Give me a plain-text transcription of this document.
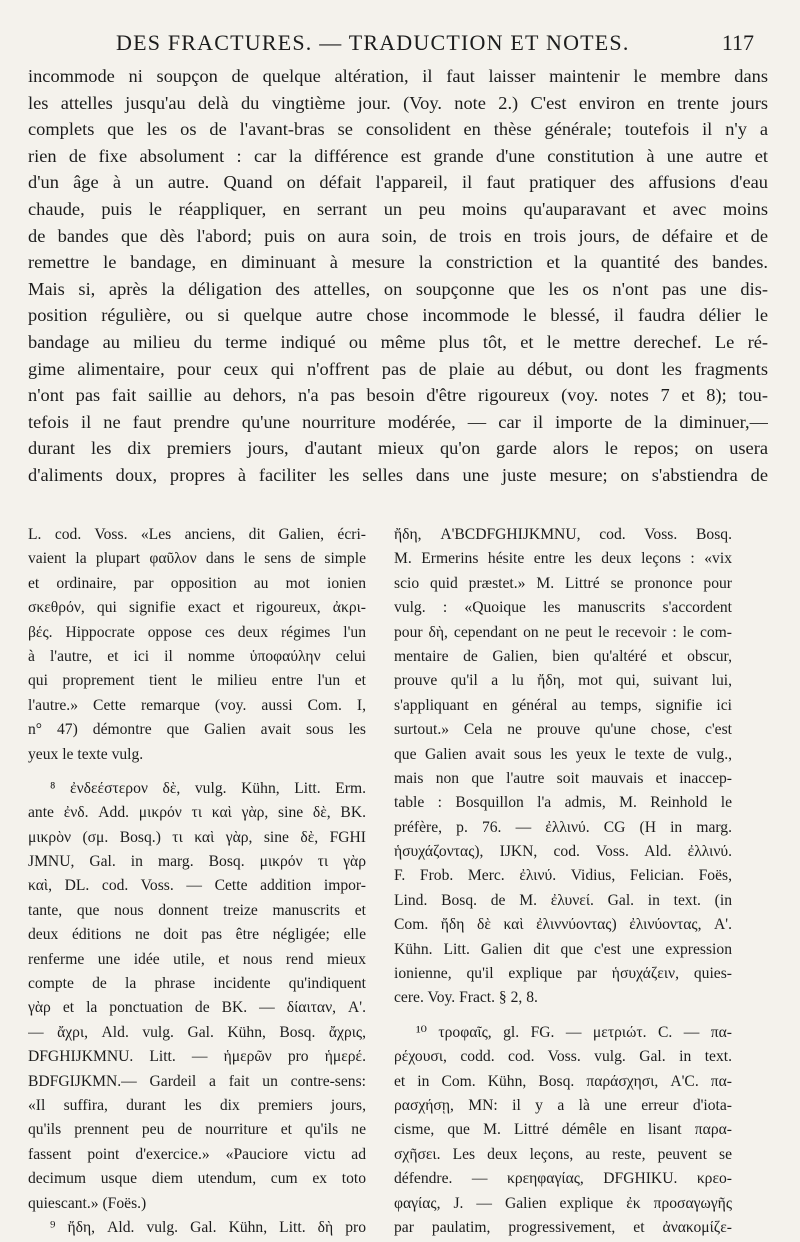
DES FRACTURES. — TRADUCTION ET NOTES.	117
incommode ni soupçon de quelque altération, il faut laisser maintenir le membre dans
les attelles jusqu'au delà du vingtième jour. (Voy. note 2.) C'est environ en trente jours
complets que les os de l'avant-bras se consolident en thèse générale; toutefois il n'y a
rien de fixe absolument : car la différence est grande d'une constitution à une autre et
d'un âge à un autre. Quand on défait l'appareil, il faut pratiquer des affusions d'eau
chaude, puis le réappliquer, en serrant un peu moins qu'auparavant et avec moins
de bandes que dès l'abord; puis on aura soin, de trois en trois jours, de défaire et de
remettre le bandage, en diminuant à mesure la constriction et la quantité des bandes.
Mais si, après la déligation des attelles, on soupçonne que les os n'ont pas une dis-
position régulière, ou si quelque autre chose incommode le blessé, il faudra délier le
bandage au milieu du terme indiqué ou même plus tôt, et le mettre derechef. Le ré-
gime alimentaire, pour ceux qui n'offrent pas de plaie au début, ou dont les fragments
n'ont pas fait saillie au dehors, n'a pas besoin d'être rigoureux (voy. notes 7 et 8); tou-
tefois il ne faut prendre qu'une nourriture modérée, — car il importe de la diminuer,—
durant les dix premiers jours, d'autant mieux qu'on garde alors le repos; on usera
d'aliments doux, propres à faciliter les selles dans une juste mesure; on s'abstiendra de
L. cod. Voss. «Les anciens, dit Galien, écri-
vaient la plupart φαῦλον dans le sens de simple
et ordinaire, par opposition au mot ionien
σκεθρόν, qui signifie exact et rigoureux, ἀκρι-
βές. Hippocrate oppose ces deux régimes l'un
à l'autre, et ici il nomme ὑποφαύλην celui
qui proprement tient le milieu entre l'un et
l'autre.» Cette remarque (voy. aussi Com. I,
n° 47) démontre que Galien avait sous les
yeux le texte vulg.
⁸ ἐνδεέστερον δὲ, vulg. Kühn, Litt. Erm.
ante ἐνδ. Add. μικρόν τι καὶ γὰρ, sine δὲ, BK.
μικρὸν (σμ. Bosq.) τι καὶ γὰρ, sine δὲ, FGHI
JMNU, Gal. in marg. Bosq. μικρόν τι γὰρ
καὶ, DL. cod. Voss. — Cette addition impor-
tante, que nous donnent treize manuscrits et
deux éditions ne doit pas être négligée; elle
renferme une idée utile, et nous rend mieux
compte de la phrase incidente qu'indiquent
γὰρ et la ponctuation de BK. — δίαιταν, A'.
— ἄχρι, Ald. vulg. Gal. Kühn, Bosq. ἄχρις,
DFGHIJKMNU. Litt. — ἡμερῶν pro ἡμερέ.
BDFGIJKMN.— Gardeil a fait un contre-sens:
«Il suffira, durant les dix premiers jours,
qu'ils prennent peu de nourriture et qu'ils ne
fassent point d'exercice.» «Pauciore victu ad
decimum usque diem utendum, cum ex toto
quiescant.» (Foës.)
⁹ ἤδη, Ald. vulg. Gal. Kühn, Litt. δὴ pro
ἤδη, A'BCDFGHIJKMNU, cod. Voss. Bosq.
M. Ermerins hésite entre les deux leçons : «vix
scio quid præstet.» M. Littré se prononce pour
vulg. : «Quoique les manuscrits s'accordent
pour δὴ, cependant on ne peut le recevoir : le com-
mentaire de Galien, bien qu'altéré et obscur,
prouve qu'il a lu ἤδη, mot qui, suivant lui,
s'appliquant en général au temps, signifie ici
surtout.» Cela ne prouve qu'une chose, c'est
que Galien avait sous les yeux le texte de vulg.,
mais non que l'autre soit mauvais et inaccep-
table : Bosquillon l'a admis, M. Reinhold le
préfère, p. 76. — ἐλλινύ. CG (H in marg.
ἡσυχάζοντας), IJKN, cod. Voss. Ald. ἐλλινύ.
F. Frob. Merc. ἐλινύ. Vidius, Felician. Foës,
Lind. Bosq. de M. ἐλυνεί. Gal. in text. (in
Com. ἤδη δὲ καὶ ἐλιννύοντας) ἐλινύοντας, A'.
Kühn. Litt. Galien dit que c'est une expression
ionienne, qu'il explique par ἡσυχάζειν, quies-
cere. Voy. Fract. § 2, 8.
¹⁰ τροφαῖς, gl. FG. — μετριώτ. C. — πα-
ρέχουσι, codd. cod. Voss. vulg. Gal. in text.
et in Com. Kühn, Bosq. παράσχησι, A'C. πα-
ρασχήσῃ, MN: il y a là une erreur d'iota-
cisme, que M. Littré démêle en lisant παρα-
σχῆσει. Les deux leçons, au reste, peuvent se
défendre. — κρεηφαγίας, DFGHIKU. κρεο-
φαγίας, J. — Galien explique ἐκ προσαγωγῆς
par paulatim, progressivement, et ἀνακομίζε-
